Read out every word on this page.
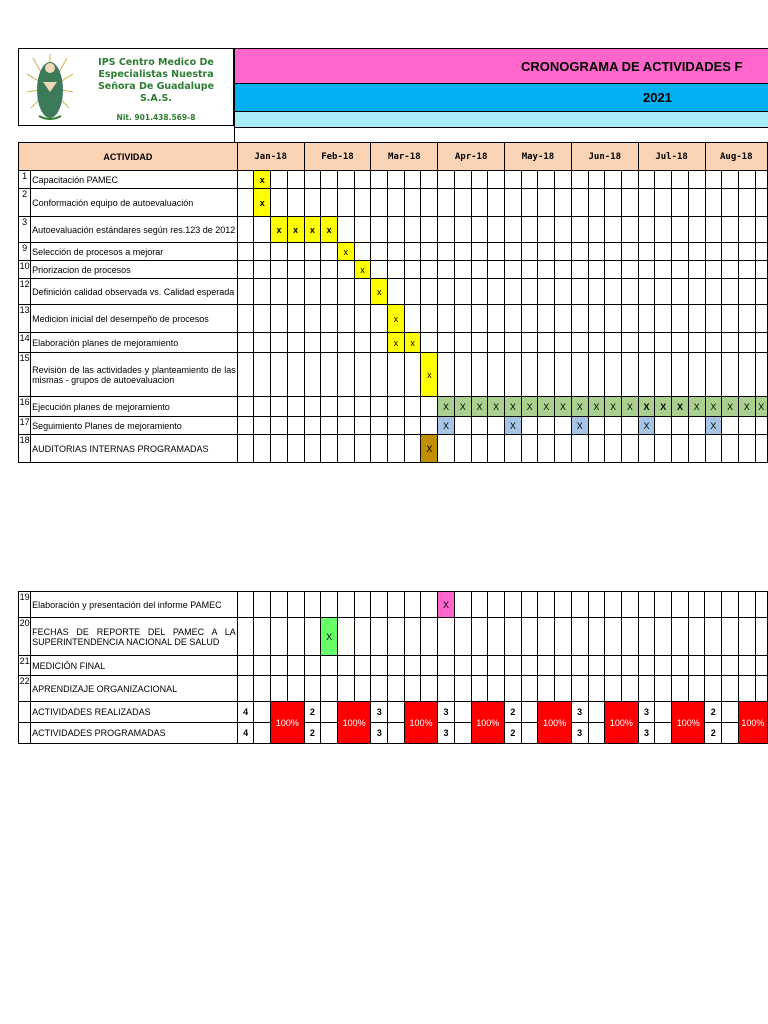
IPS Centro Medico De
Especialistas Nuestra
Señora De Guadalupe
S.A.S.
Nit. 901.438.569-8
CRONOGRAMA DE ACTIVIDADES F
2021
ACTIVIDAD		Jan-18				Feb-18				Mar-18				Apr-18				May-18				Jun-18				Jul-18				Aug-18			
1	Capacitación PAMEC		x																														
2	Conformación equipo de autoevaluación		x																														
3	Autoevaluación estándares según res.123 de 2012			x	x	x	x																										
9	Selección de procesos a mejorar							x																									
10	Priorizacion de procesos								x																								
12	Definición calidad observada vs. Calidad esperada									x																							
13	Medicion inicial del desempeño de procesos										x																						
14	Elaboración planes de mejoramiento										x	x																					
15	Revisiòn de las actividades y planteamiento de las mismas - grupos de autoevaluacion												x																				
16	Ejecución planes de mejoramiento													X	X	X	X	X	X	X	X	X	X	X	X	X	X	X	X	X	X	X	X
17	Seguimiento Planes de mejoramiento													X				X				X				X				X			
18	AUDITORIAS INTERNAS PROGRAMADAS												X																				
19	Elaboración y presentación del informe PAMEC													X																			
20	FECHAS DE REPORTE DEL PAMEC A LA SUPERINTENDENCIA NACIONAL DE SALUD						X																										
21	MEDICIÓN FINAL																																
22	APRENDIZAJE ORGANIZACIONAL																																
	ACTIVIDADES REALIZADAS	4		100%		2		100%		3		100%		3		100%		2		100%		3		100%		3		100%		2		100%	
	ACTIVIDADES PROGRAMADAS	4				2				3				3				2				3				3				2			
